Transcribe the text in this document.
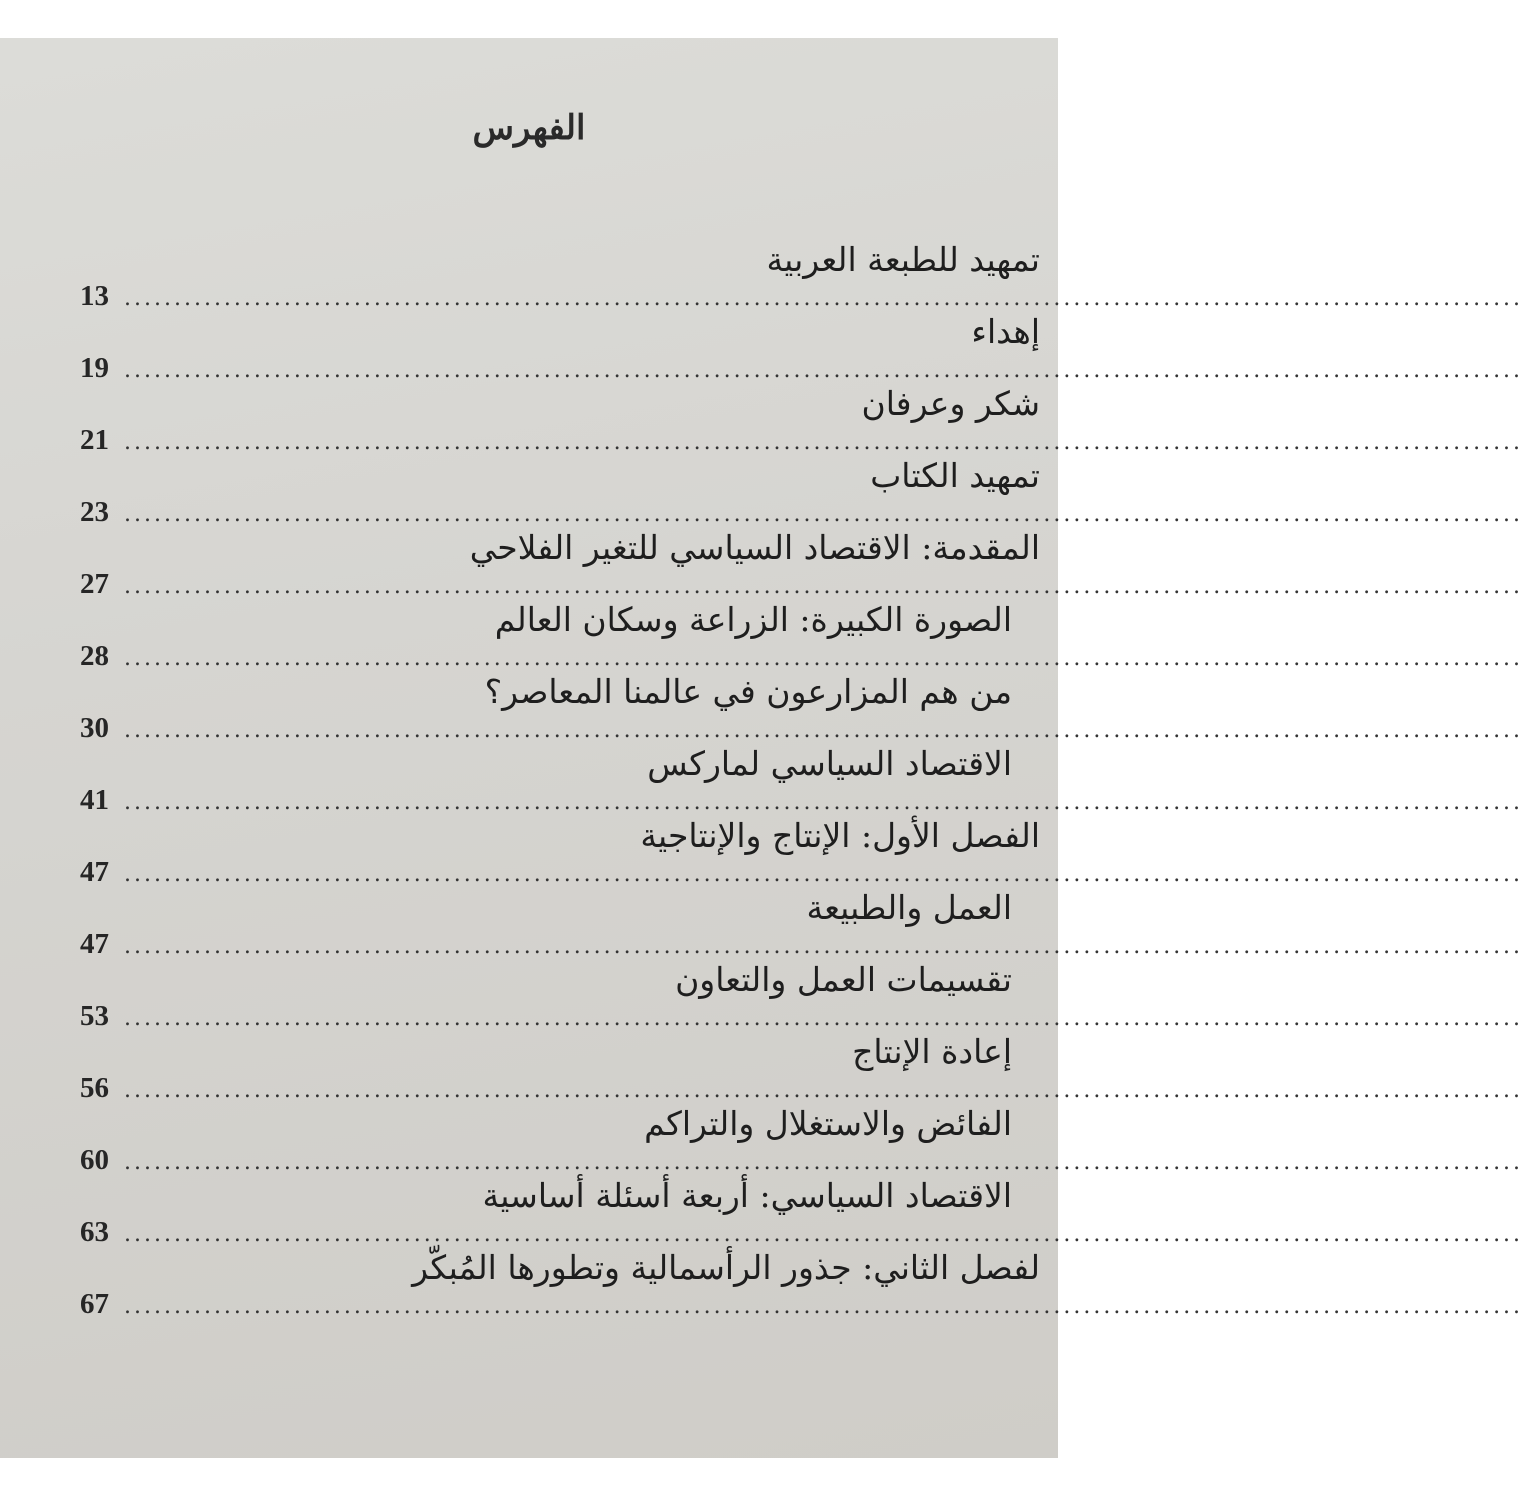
الفهرس
تمهيد للطبعة العربية
13 ............................................................................................................................................
إهداء
19 ............................................................................................................................................
شكر وعرفان
21 ............................................................................................................................................
تمهيد الكتاب
23 ............................................................................................................................................
المقدمة: الاقتصاد السياسي للتغير الفلاحي
27 ............................................................................................................................................
الصورة الكبيرة: الزراعة وسكان العالم
28 ............................................................................................................................................
من هم المزارعون في عالمنا المعاصر؟
30 ............................................................................................................................................
الاقتصاد السياسي لماركس
41 ............................................................................................................................................
الفصل الأول: الإنتاج والإنتاجية
47 ............................................................................................................................................
العمل والطبيعة
47 ............................................................................................................................................
تقسيمات العمل والتعاون
53 ............................................................................................................................................
إعادة الإنتاج
56 ............................................................................................................................................
الفائض والاستغلال والتراكم
60 ............................................................................................................................................
الاقتصاد السياسي: أربعة أسئلة أساسية
63 ............................................................................................................................................
لفصل الثاني: جذور الرأسمالية وتطورها المُبكّر
67 ............................................................................................................................................
